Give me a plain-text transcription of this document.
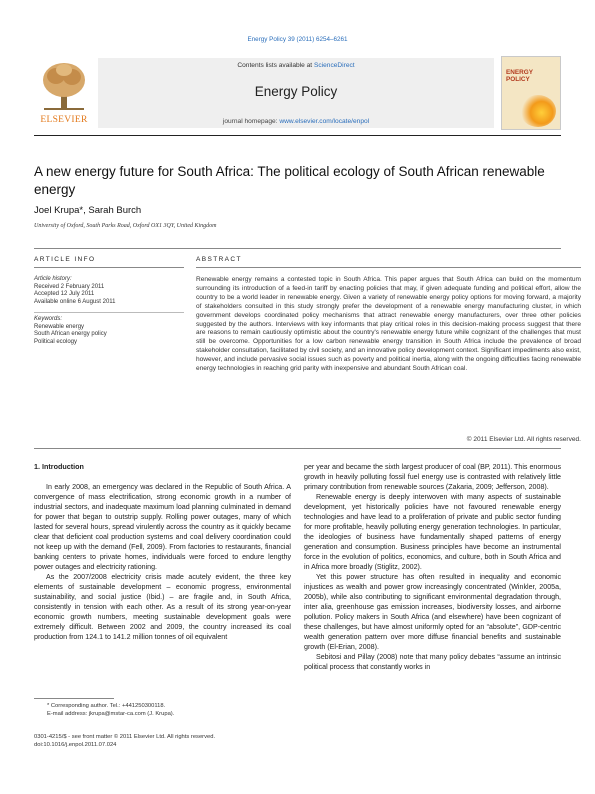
Energy Policy 39 (2011) 6254–6261
ELSEVIER
Contents lists available at ScienceDirect
Energy Policy
journal homepage: www.elsevier.com/locate/enpol
ENERGY POLICY
A new energy future for South Africa: The political ecology of South African renewable energy
Joel Krupa*, Sarah Burch
University of Oxford, South Parks Road, Oxford OX1 3QY, United Kingdom
ARTICLE INFO	ABSTRACT
Article history:
Received 2 February 2011
Accepted 12 July 2011
Available online 6 August 2011
Keywords:
Renewable energy
South African energy policy
Political ecology
Renewable energy remains a contested topic in South Africa. This paper argues that South Africa can build on the momentum surrounding its introduction of a feed-in tariff by enacting policies that may, if given adequate funding and political effort, allow the country to be a world leader in renewable energy. Given a variety of renewable energy policy options for moving forward, a majority of stakeholders consulted in this study strongly prefer the development of a renewable energy manufacturing cluster, in which government develops coordinated policy mechanisms that attract renewable energy manufacturers, over three other policies suggested by the authors. Interviews with key informants that play critical roles in this decision-making process suggest that there are reasons to remain cautiously optimistic about the country's renewable energy future while cognizant of the challenges that must still be overcome. Opportunities for a low carbon renewable energy transition in South Africa include the prevalence of broad stakeholder consultation, facilitated by civil society, and an innovative policy development context. Significant impediments also exist, however, and include pervasive social issues such as poverty and political inertia, along with the ongoing difficulties facing renewable energy technologies in reaching grid parity with inexpensive and abundant South African coal.
© 2011 Elsevier Ltd. All rights reserved.
1. Introduction

In early 2008, an emergency was declared in the Republic of South Africa. A convergence of mass electrification, strong economic growth in a number of industrial sectors, and inadequate maximum load planning culminated in demand for power that began to outstrip supply. Rolling power outages, many of which lasted for several hours, spread virulently across the country as it quickly became clear that deficient coal production systems and coal delivery coordination could not keep up with the demand (Fell, 2009). From factories to restaurants, financial banking centers to private homes, individuals were forced to endure lengthy power outages and electricity rationing.

As the 2007/2008 electricity crisis made acutely evident, the three key elements of sustainable development – economic progress, environmental sustainability, and social justice (Ibid.) – are fragile and, in South Africa, consistently in tension with each other. As a result of its strong year-on-year economic growth numbers, meeting sustainable development goals were extremely difficult. Between 2002 and 2009, the country increased its coal production from 124.1 to 141.2 million tonnes of oil equivalent

per year and became the sixth largest producer of coal (BP, 2011). This enormous growth in heavily polluting fossil fuel energy use is contrasted with relatively little primary contribution from renewable sources (Zakaria, 2009; Jefferson, 2008).

Renewable energy is deeply interwoven with many aspects of sustainable development, yet historically policies have not favoured renewable energy technologies and have lead to a proliferation of private and public sector funding for more profitable, heavily polluting energy generation technologies. In particular, the ideologies of business have fundamentally shaped patterns of energy generation and consumption. Business principles have become an instrumental force in the evolution of politics, economics, and culture, both in South Africa and in Africa more broadly (Stiglitz, 2002).

Yet this power structure has often resulted in inequality and economic injustices as wealth and power grow increasingly concentrated (Winkler, 2005a, 2005b), while also contributing to significant environmental degradation through, inter alia, greenhouse gas emission increases, biodiversity losses, and airborne pollution. Policy makers in South Africa (and elsewhere) have been cognizant of these challenges, but have almost uniformly opted for an “absolute”, GDP-centric wealth generation pattern over more diffuse financial benefits and sustainable growth (El-Erian, 2008).

Sebitosi and Pillay (2008) note that many policy debates “assume an intrinsic political process that constantly works in

* Corresponding author. Tel.: +441250300118.
E-mail address: jkrupa@mstar-ca.com (J. Krupa).
0301-4215/$ - see front matter © 2011 Elsevier Ltd. All rights reserved.
doi:10.1016/j.enpol.2011.07.024
